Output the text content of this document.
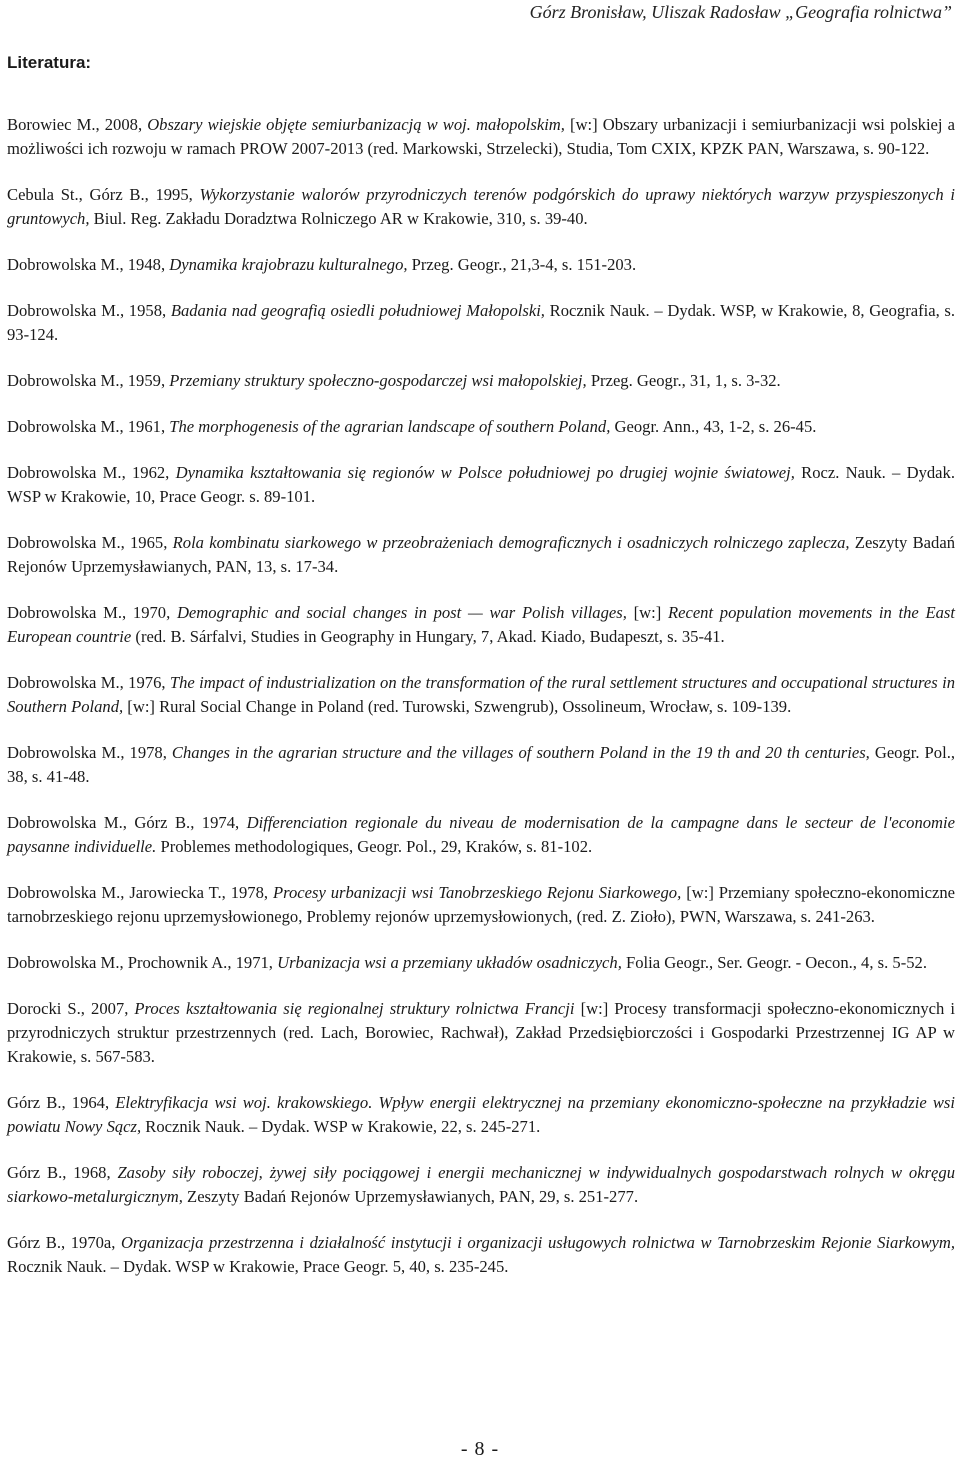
Górz Bronisław, Uliszak Radosław „Geografia rolnictwa”
Literatura:

Borowiec M., 2008, Obszary wiejskie objęte semiurbanizacją w woj. małopolskim, [w:] Obszary urbanizacji i semiurbanizacji wsi polskiej a możliwości ich rozwoju w ramach PROW 2007-2013 (red. Markowski, Strzelecki), Studia, Tom CXIX, KPZK PAN, Warszawa, s. 90-122.

Cebula St., Górz B., 1995, Wykorzystanie walorów przyrodniczych terenów podgórskich do uprawy niektórych warzyw przyspieszonych i gruntowych, Biul. Reg. Zakładu Doradztwa Rolniczego AR w Krakowie, 310, s. 39-40.

Dobrowolska M., 1948, Dynamika krajobrazu kulturalnego, Przeg. Geogr., 21,3-4, s. 151-203.

Dobrowolska M., 1958, Badania nad geografią osiedli południowej Małopolski, Rocznik Nauk. – Dydak. WSP, w Krakowie, 8, Geografia, s. 93-124.

Dobrowolska M., 1959, Przemiany struktury społeczno-gospodarczej wsi małopolskiej, Przeg. Geogr., 31, 1, s. 3-32.

Dobrowolska M., 1961, The morphogenesis of the agrarian landscape of southern Poland, Geogr. Ann., 43, 1-2, s. 26-45.

Dobrowolska M., 1962, Dynamika kształtowania się regionów w Polsce południowej po drugiej wojnie światowej, Rocz. Nauk. – Dydak. WSP w Krakowie, 10, Prace Geogr. s. 89-101.

Dobrowolska M., 1965, Rola kombinatu siarkowego w przeobrażeniach demograficznych i osadniczych rolniczego zaplecza, Zeszyty Badań Rejonów Uprzemysławianych, PAN, 13, s. 17-34.

Dobrowolska M., 1970, Demographic and social changes in post — war Polish villages, [w:] Recent population movements in the East European countrie (red. B. Sárfalvi, Studies in Geography in Hungary, 7, Akad. Kiado, Budapeszt, s. 35-41.

Dobrowolska M., 1976, The impact of industrialization on the transformation of the rural settlement structures and occupational structures in Southern Poland, [w:] Rural Social Change in Poland (red. Turowski, Szwengrub), Ossolineum, Wrocław, s. 109-139.

Dobrowolska M., 1978, Changes in the agrarian structure and the villages of southern Poland in the 19 th and 20 th centuries, Geogr. Pol., 38, s. 41-48.

Dobrowolska M., Górz B., 1974, Differenciation regionale du niveau de modernisation de la campagne dans le secteur de l'economie paysanne individuelle. Problemes methodologiques, Geogr. Pol., 29, Kraków, s. 81-102.

Dobrowolska M., Jarowiecka T., 1978, Procesy urbanizacji wsi Tanobrzeskiego Rejonu Siarkowego, [w:] Przemiany społeczno-ekonomiczne tarnobrzeskiego rejonu uprzemysłowionego, Problemy rejonów uprzemysłowionych, (red. Z. Zioło), PWN, Warszawa, s. 241-263.

Dobrowolska M., Prochownik A., 1971, Urbanizacja wsi a przemiany układów osadniczych, Folia Geogr., Ser. Geogr. - Oecon., 4, s. 5-52.

Dorocki S., 2007, Proces kształtowania się regionalnej struktury rolnictwa Francji [w:] Procesy transformacji społeczno-ekonomicznych i przyrodniczych struktur przestrzennych (red. Lach, Borowiec, Rachwał), Zakład Przedsiębiorczości i Gospodarki Przestrzennej IG AP w Krakowie, s. 567-583.

Górz B., 1964, Elektryfikacja wsi woj. krakowskiego. Wpływ energii elektrycznej na przemiany ekonomiczno-społeczne na przykładzie wsi powiatu Nowy Sącz, Rocznik Nauk. – Dydak. WSP w Krakowie, 22, s. 245-271.

Górz B., 1968, Zasoby siły roboczej, żywej siły pociągowej i energii mechanicznej w indywidualnych gospodarstwach rolnych w okręgu siarkowo-metalurgicznym, Zeszyty Badań Rejonów Uprzemysławianych, PAN, 29, s. 251-277.

Górz B., 1970a, Organizacja przestrzenna i działalność instytucji i organizacji usługowych rolnictwa w Tarnobrzeskim Rejonie Siarkowym, Rocznik Nauk. – Dydak. WSP w Krakowie, Prace Geogr. 5, 40, s. 235-245.

- 8 -
